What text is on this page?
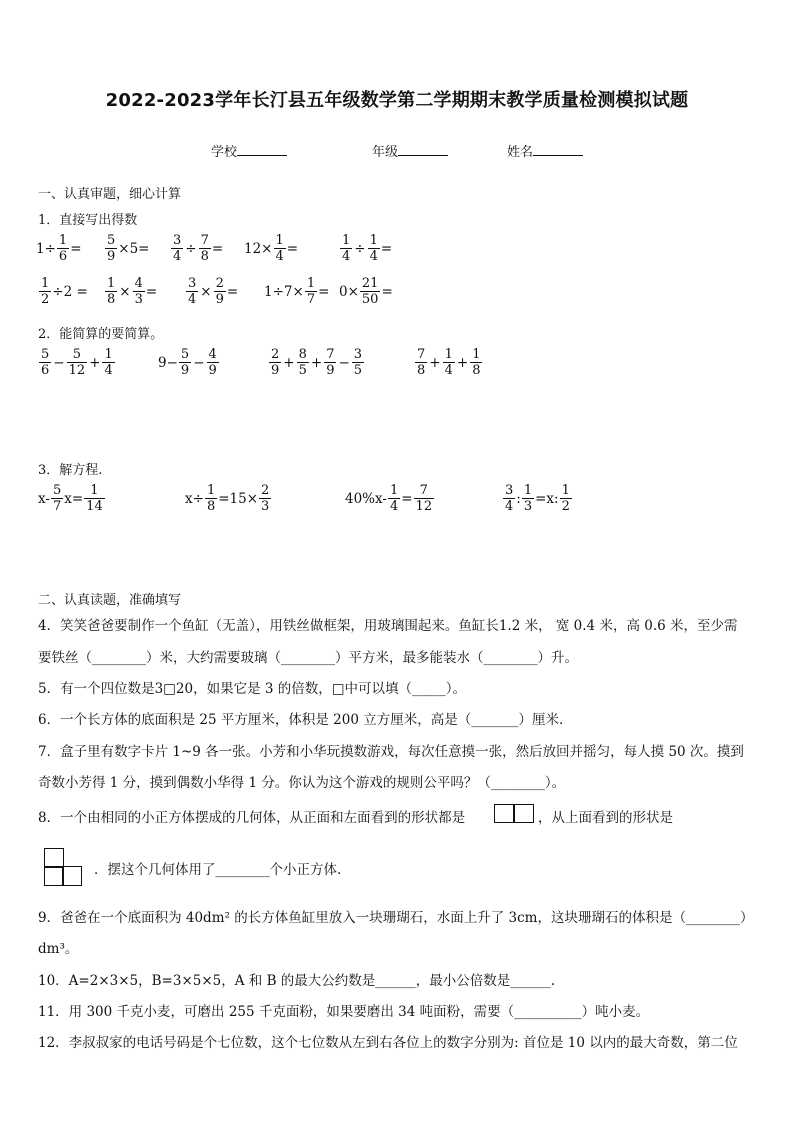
2022-2023学年长汀县五年级数学第二学期期末教学质量检测模拟试题
学校	年级	姓名
一、认真审题，细心计算
1．直接写出得数
$1\div \frac{1}{6} = \frac{5}{9} \times 5= \frac{3}{4} \div \frac{7}{8} = 12\times \frac{1}{4}$ =	$\frac{1}{4} \div \frac{1}{4}$ =
$\frac{1}{2} \div 2 = \frac{1}{8} \times \frac{4}{3} = \frac{3}{4} \times \frac{2}{9} = 1\div 7\times \frac{1}{7} = 0\times \frac{21}{50}$ =
2．能简算的要简算。
$\frac{5}{6} - \frac{5}{12} + \frac{1}{4}$	$9- \frac{5}{9} - \frac{4}{9}$	$\frac{2}{9} + \frac{8}{5} + \frac{7}{9} - \frac{3}{5}$	$\frac{7}{8} + \frac{1}{4} + \frac{1}{8}$
3．解方程.
$x- \frac{5}{7} x= \frac{1}{14}$	$x\div \frac{1}{8} =15\times \frac{2}{3}$	$40\%x- \frac{1}{4} = \frac{7}{12}$	$\frac{3}{4}$ : $\frac{1}{3} =x$: $\frac{1}{2}$
二、认真读题，准确填写
4．笑笑爸爸要制作一个鱼缸（无盖），用铁丝做框架，用玻璃围起来。鱼缸长1.2 米， 宽 0.4 米，高 0.6 米，至少需
要铁丝（________）米，大约需要玻璃（________）平方米，最多能装水（________）升。
5．有一个四位数是3□20，如果它是 3 的倍数，□中可以填（_____）。
6．一个长方体的底面积是 25 平方厘米，体积是 200 立方厘米，高是（_______）厘米.
7．盒子里有数字卡片 1~9 各一张。小芳和小华玩摸数游戏，每次任意摸一张，然后放回并摇匀，每人摸 50 次。摸到
奇数小芳得 1 分，摸到偶数小华得 1 分。你认为这个游戏的规则公平吗？（________）。
8．一个由相同的小正方体摆成的几何体，从正面和左面看到的形状都是	，从上面看到的形状是
．摆这个几何体用了________个小正方体.
9．爸爸在一个底面积为 40dm² 的长方体鱼缸里放入一块珊瑚石，水面上升了 3cm，这块珊瑚石的体积是（________）
dm³。
10．A=2×3×5，B=3×5×5，A 和 B 的最大公约数是______，最小公倍数是______.
11．用 300 千克小麦，可磨出 255 千克面粉，如果要磨出 34 吨面粉，需要（__________）吨小麦。
12．李叔叔家的电话号码是个七位数，这个七位数从左到右各位上的数字分别为: 首位是 10 以内的最大奇数，第二位
